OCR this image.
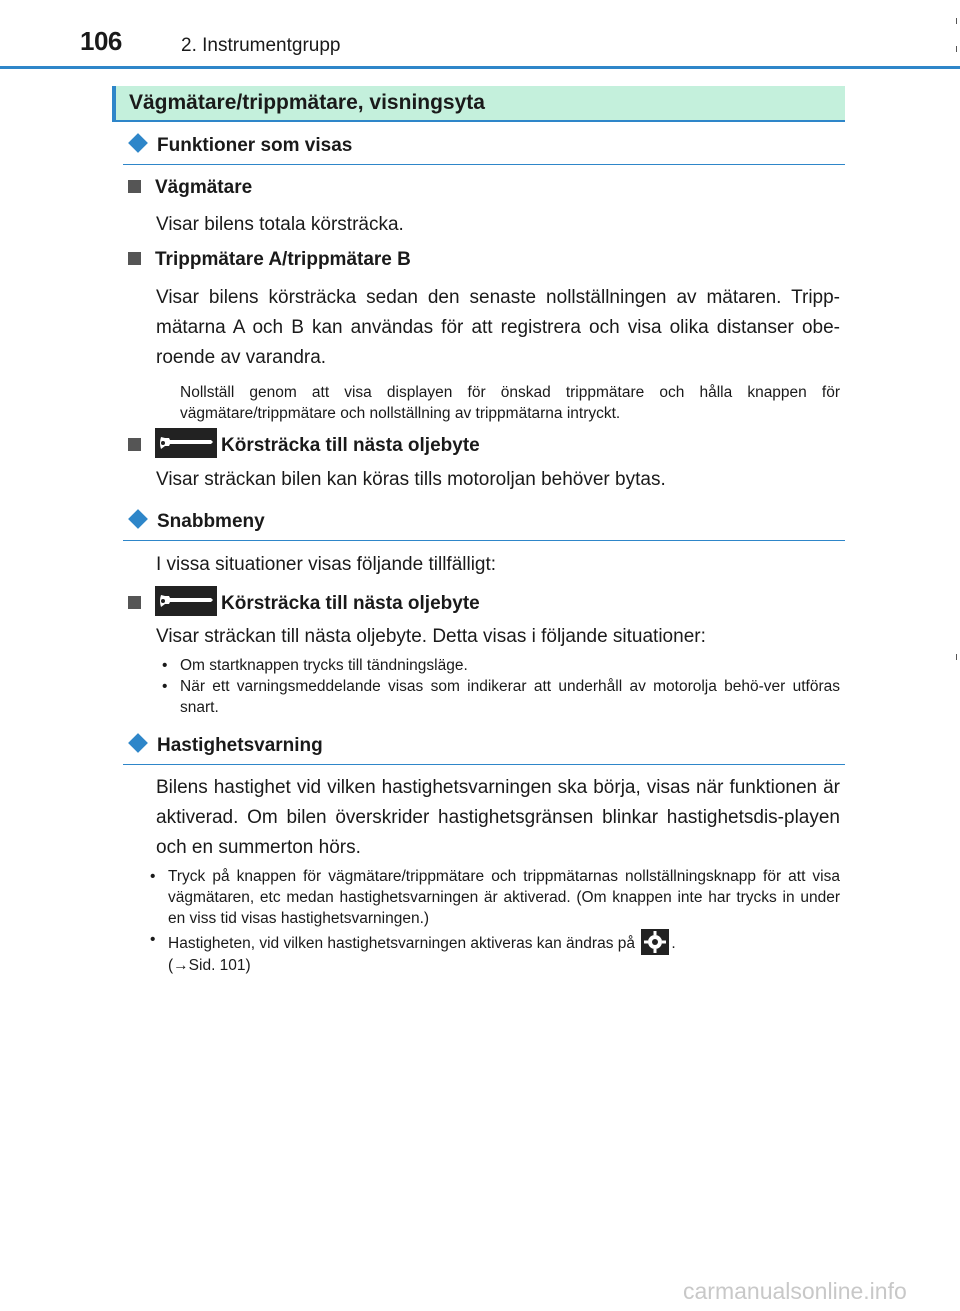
106	2. Instrumentgrupp
Vägmätare/trippmätare, visningsyta
Funktioner som visas
Vägmätare
Visar bilens totala körsträcka.
Trippmätare A/trippmätare B
Visar bilens körsträcka sedan den senaste nollställningen av mätaren. Tripp-mätarna A och B kan användas för att registrera och visa olika distanser obe-roende av varandra.
Nollställ genom att visa displayen för önskad trippmätare och hålla knappen för vägmätare/trippmätare och nollställning av trippmätarna intryckt.
Körsträcka till nästa oljebyte
Visar sträckan bilen kan köras tills motoroljan behöver bytas.
Snabbmeny
I vissa situationer visas följande tillfälligt:
Körsträcka till nästa oljebyte
Visar sträckan till nästa oljebyte. Detta visas i följande situationer:
• Om startknappen trycks till tändningsläge.
• När ett varningsmeddelande visas som indikerar att underhåll av motorolja behö-ver utföras snart.
Hastighetsvarning
Bilens hastighet vid vilken hastighetsvarningen ska börja, visas när funktionen är aktiverad. Om bilen överskrider hastighetsgränsen blinkar hastighetsdis-playen och en summerton hörs.
• Tryck på knappen för vägmätare/trippmätare och trippmätarnas nollställningsknapp för att visa vägmätaren, etc medan hastighetsvarningen är aktiverad. (Om knappen inte har trycks in under en viss tid visas hastighetsvarningen.)
• Hastigheten, vid vilken hastighetsvarningen aktiveras kan ändras på .
(→Sid. 101)
carmanualsonline.info
